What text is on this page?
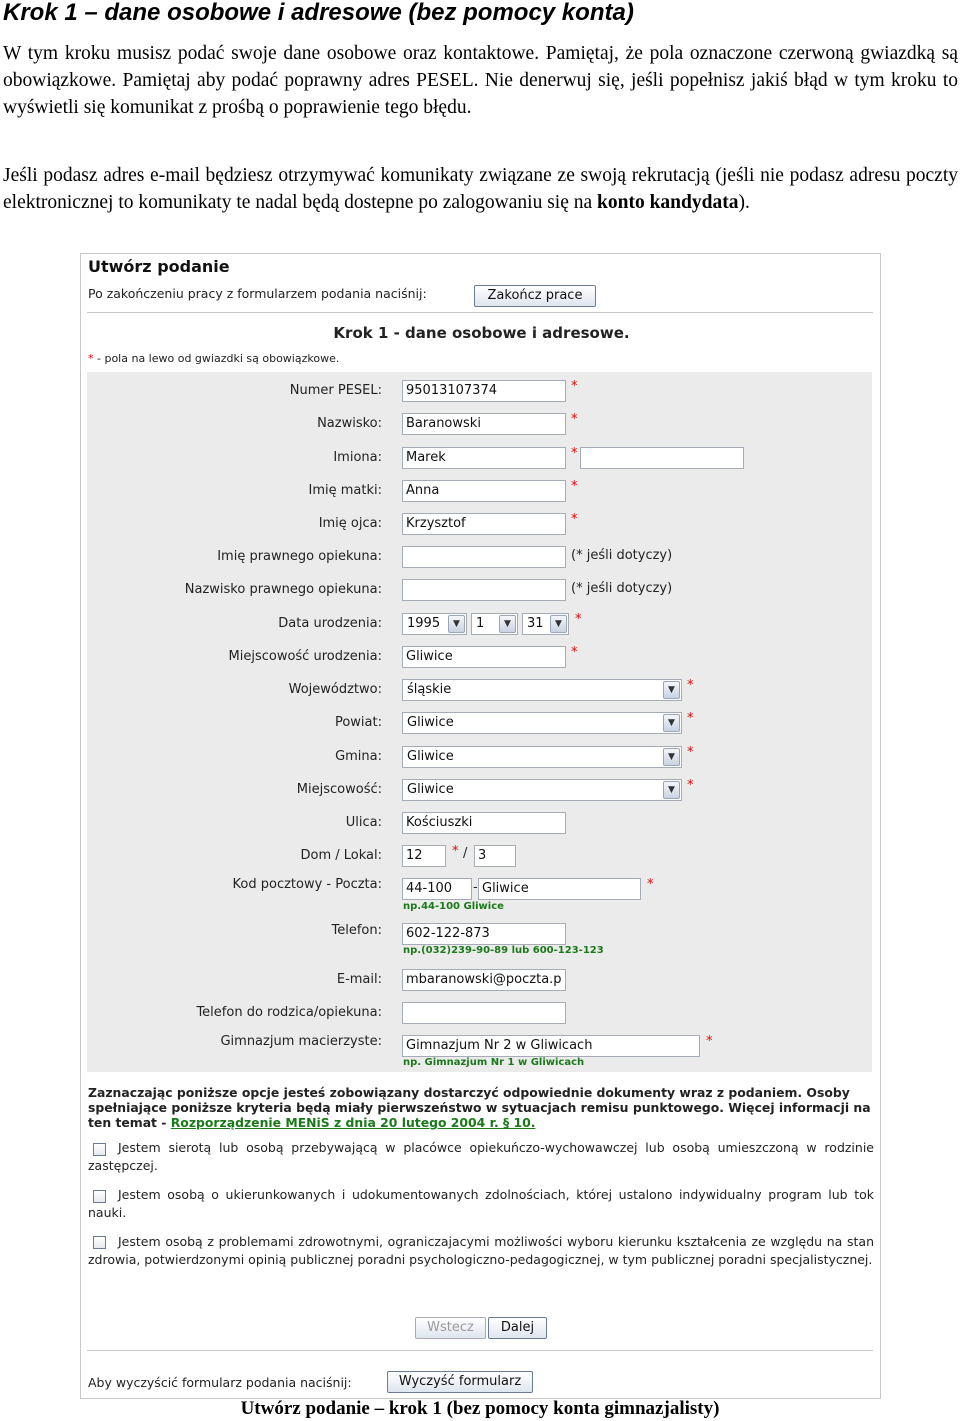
Krok 1 – dane osobowe i adresowe (bez pomocy konta)

W tym kroku musisz podać swoje dane osobowe oraz kontaktowe. Pamiętaj, że pola oznaczone czerwoną gwiazdką są obowiązkowe. Pamiętaj aby podać poprawny adres PESEL. Nie denerwuj się, jeśli popełnisz jakiś błąd w tym kroku to wyświetli się komunikat z prośbą o poprawienie tego błędu.

Jeśli podasz adres e-mail będziesz otrzymywać komunikaty związane ze swoją rekrutacją (jeśli nie podasz adresu poczty elektronicznej to komunikaty te nadal będą dostepne po zalogowaniu się na konto kandydata).

Utwórz podanie
Po zakończeniu pracy z formularzem podania naciśnij:	Zakończ prace
Krok 1 - dane osobowe i adresowe.
* - pola na lewo od gwiazdki są obowiązkowe.
Numer PESEL:	95013107374	*
Nazwisko:	Baranowski	*
Imiona:	Marek	*
Imię matki:	Anna	*
Imię ojca:	Krzysztof	*
Imię prawnego opiekuna:	(* jeśli dotyczy)
Nazwisko prawnego opiekuna:	(* jeśli dotyczy)
Data urodzenia:	1995	▼	1	▼	31	▼	*
Miejscowość urodzenia:	Gliwice	*
Województwo:	śląskie	▼ *
Powiat:	Gliwice	▼ *
Gmina:	Gliwice	▼ *
Miejscowość:	Gliwice	▼ *
Ulica:	Kościuszki
Dom / Lokal:	12	* / 3
Kod pocztowy - Poczta:	44-100	- Gliwice	*
np.44-100 Gliwice
Telefon:	602-122-873
np.(032)239-90-89 lub 600-123-123
E-mail:	mbaranowski@poczta.p
Telefon do rodzica/opiekuna:
Gimnazjum macierzyste:	Gimnazjum Nr 2 w Gliwicach	*
np. Gimnazjum Nr 1 w Gliwicach
Zaznaczając poniższe opcje jesteś zobowiązany dostarczyć odpowiednie dokumenty wraz z podaniem. Osoby spełniające poniższe kryteria będą miały pierwszeństwo w sytuacjach remisu punktowego. Więcej informacji na ten temat - Rozporządzenie MENiS z dnia 20 lutego 2004 r. § 10.
Jestem sierotą lub osobą przebywającą w placówce opiekuńczo-wychowawczej lub osobą umieszczoną w rodzinie zastępczej.
Jestem osobą o ukierunkowanych i udokumentowanych zdolnościach, której ustalono indywidualny program lub tok nauki.
Jestem osobą z problemami zdrowotnymi, ograniczajacymi możliwości wyboru kierunku kształcenia ze względu na stan zdrowia, potwierdzonymi opinią publicznej poradni psychologiczno-pedagogicznej, w tym publicznej poradni specjalistycznej.
Wstecz	Dalej
Aby wyczyścić formularz podania naciśnij:	Wyczyść formularz
Utwórz podanie – krok 1 (bez pomocy konta gimnazjalisty)
